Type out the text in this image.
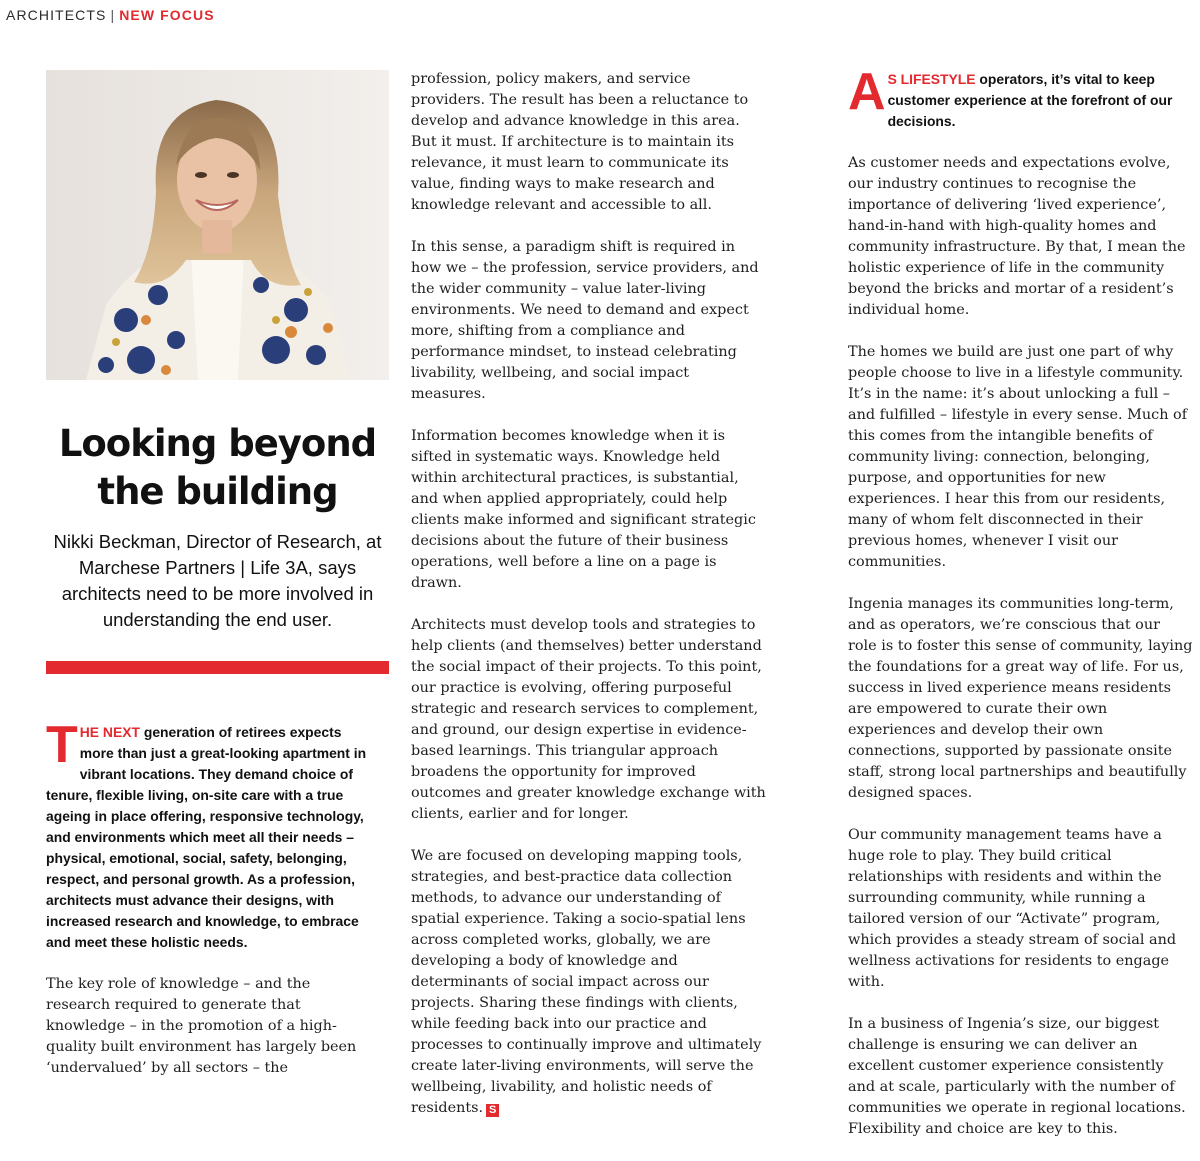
ARCHITECTS | NEW FOCUS
Looking beyond
the building

Nikki Beckman, Director of Research, at Marchese Partners | Life 3A, says architects need to be more involved in understanding the end user.

THE NEXT generation of retirees expects more than just a great-looking apartment in vibrant locations. They demand choice of tenure, flexible living, on-site care with a true ageing in place offering, responsive technology, and environments which meet all their needs – physical, emotional, social, safety, belonging, respect, and personal growth. As a profession, architects must advance their designs, with increased research and knowledge, to embrace and meet these holistic needs.

The key role of knowledge – and the research required to generate that knowledge – in the promotion of a high-quality built environment has largely been ‘undervalued’ by all sectors – the

profession, policy makers, and service providers. The result has been a reluctance to develop and advance knowledge in this area. But it must. If architecture is to maintain its relevance, it must learn to communicate its value, finding ways to make research and knowledge relevant and accessible to all.

In this sense, a paradigm shift is required in how we – the profession, service providers, and the wider community – value later-living environments. We need to demand and expect more, shifting from a compliance and performance mindset, to instead celebrating livability, wellbeing, and social impact measures.

Information becomes knowledge when it is sifted in systematic ways. Knowledge held within architectural practices, is substantial, and when applied appropriately, could help clients make informed and significant strategic decisions about the future of their business operations, well before a line on a page is drawn.

Architects must develop tools and strategies to help clients (and themselves) better understand the social impact of their projects. To this point, our practice is evolving, offering purposeful strategic and research services to complement, and ground, our design expertise in evidence-based learnings. This triangular approach broadens the opportunity for improved outcomes and greater knowledge exchange with clients, earlier and for longer.

We are focused on developing mapping tools, strategies, and best-practice data collection methods, to advance our understanding of spatial experience. Taking a socio-spatial lens across completed works, globally, we are developing a body of knowledge and determinants of social impact across our projects. Sharing these findings with clients, while feeding back into our practice and processes to continually improve and ultimately create later-living environments, will serve the wellbeing, livability, and holistic needs of residents. S

A S LIFESTYLE operators, it’s vital to keep customer experience at the forefront of our decisions.

As customer needs and expectations evolve, our industry continues to recognise the importance of delivering ‘lived experience’, hand-in-hand with high-quality homes and community infrastructure. By that, I mean the holistic experience of life in the community beyond the bricks and mortar of a resident’s individual home.

The homes we build are just one part of why people choose to live in a lifestyle community. It’s in the name: it’s about unlocking a full – and fulfilled – lifestyle in every sense. Much of this comes from the intangible benefits of community living: connection, belonging, purpose, and opportunities for new experiences. I hear this from our residents, many of whom felt disconnected in their previous homes, whenever I visit our communities.

Ingenia manages its communities long-term, and as operators, we’re conscious that our role is to foster this sense of community, laying the foundations for a great way of life. For us, success in lived experience means residents are empowered to curate their own experiences and develop their own connections, supported by passionate onsite staff, strong local partnerships and beautifully designed spaces.

Our community management teams have a huge role to play. They build critical relationships with residents and within the surrounding community, while running a tailored version of our “Activate” program, which provides a steady stream of social and wellness activations for residents to engage with.

In a business of Ingenia’s size, our biggest challenge is ensuring we can deliver an excellent customer experience consistently and at scale, particularly with the number of communities we operate in regional locations. Flexibility and choice are key to this.
